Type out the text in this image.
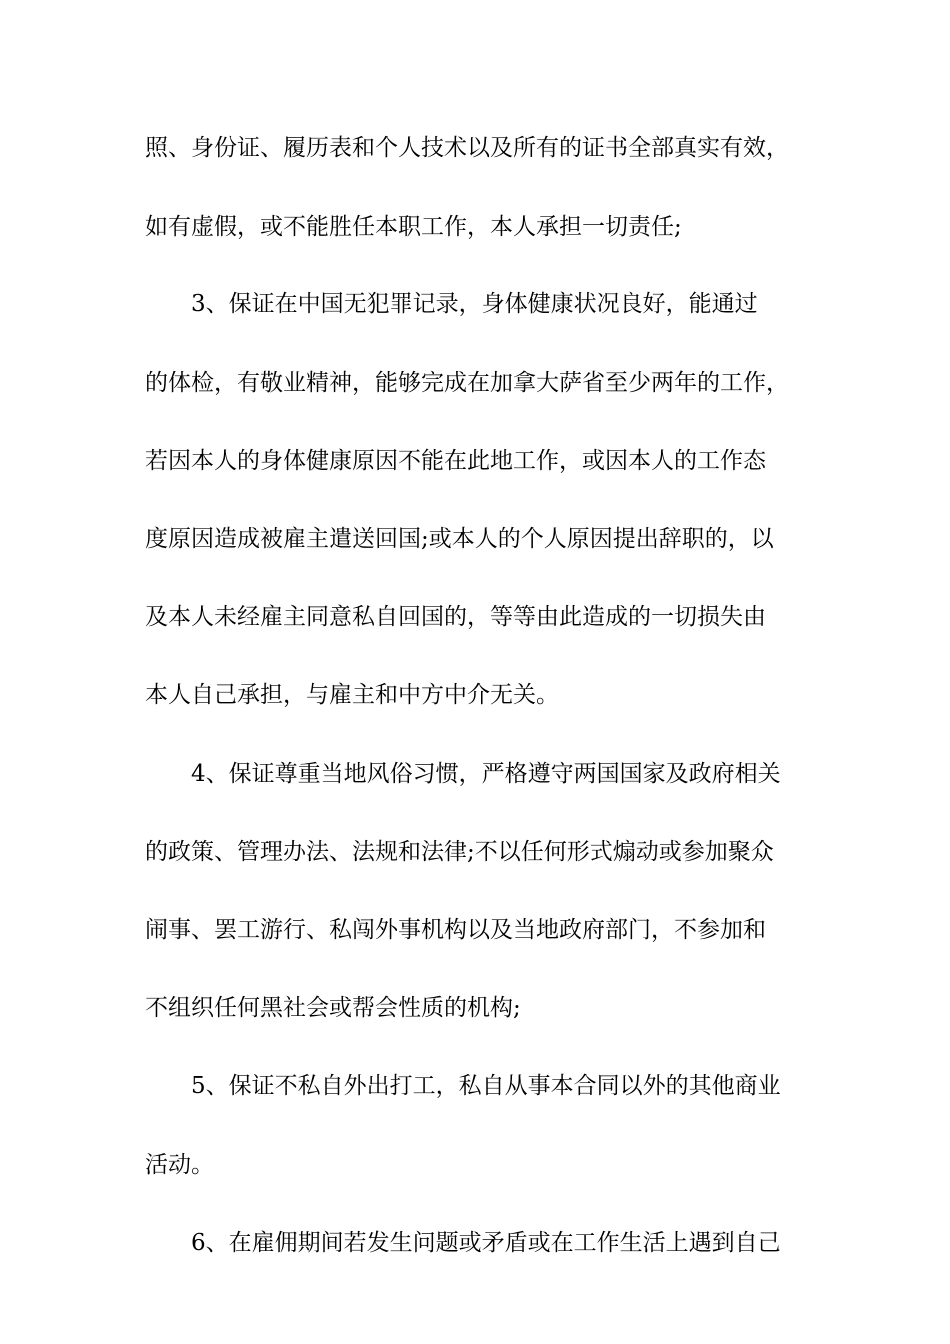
照、身份证、履历表和个人技术以及所有的证书全部真实有效，
如有虚假，或不能胜任本职工作，本人承担一切责任;
3、保证在中国无犯罪记录，身体健康状况良好，能通过
的体检，有敬业精神，能够完成在加拿大萨省至少两年的工作，
若因本人的身体健康原因不能在此地工作，或因本人的工作态
度原因造成被雇主遣送回国;或本人的个人原因提出辞职的，以
及本人未经雇主同意私自回国的，等等由此造成的一切损失由
本人自己承担，与雇主和中方中介无关。
4、保证尊重当地风俗习惯，严格遵守两国国家及政府相关
的政策、管理办法、法规和法律;不以任何形式煽动或参加聚众
闹事、罢工游行、私闯外事机构以及当地政府部门，不参加和
不组织任何黑社会或帮会性质的机构;
5、保证不私自外出打工，私自从事本合同以外的其他商业
活动。
6、在雇佣期间若发生问题或矛盾或在工作生活上遇到自己
